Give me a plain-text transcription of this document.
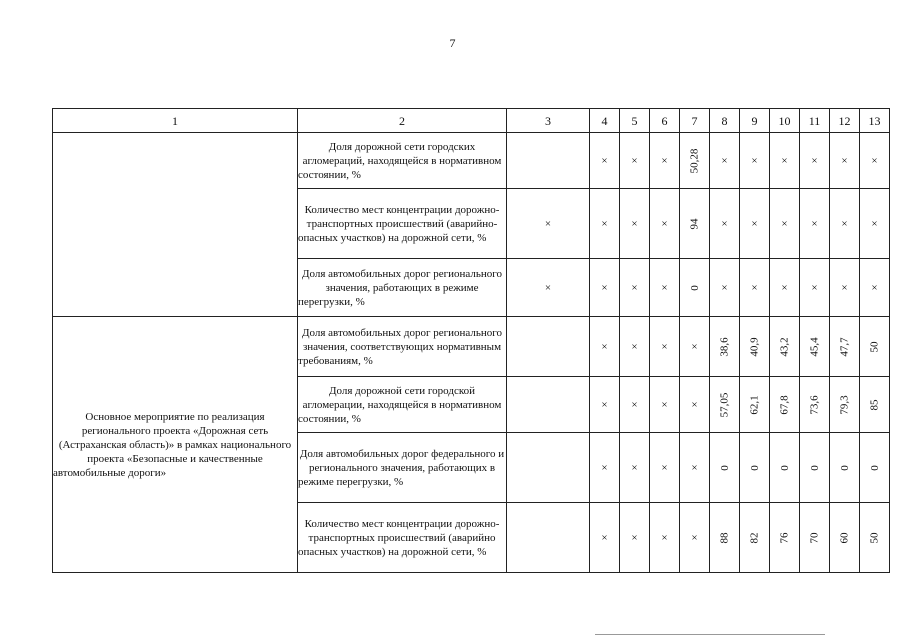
7
1	2	3	4	5	6	7	8	9	10	11	12	13
	Доля дорожной сети городских агломераций, находящейся в нормативном состоянии, %		×	×	×	50,28	×	×	×	×	×	×
	Количество мест концентрации дорожно-транспортных происшествий (аварийно-опасных участков) на дорожной сети, %	×	×	×	×	94	×	×	×	×	×	×
	Доля автомобильных дорог регионального значения, работающих в режиме перегрузки, %	×	×	×	×	0	×	×	×	×	×	×
Основное мероприятие по реализация регионального проекта «Дорожная сеть (Астраханская область)» в рамках национального проекта «Безопасные и качественные автомобильные дороги»	Доля автомобильных дорог регионального значения, соответствующих нормативным требованиям, %		×	×	×	×	38,6	40,9	43,2	45,4	47,7	50
	Доля дорожной сети городской агломерации, находящейся в нормативном состоянии, %		×	×	×	×	57,05	62,1	67,8	73,6	79,3	85
	Доля автомобильных дорог федерального и регионального значения, работающих в режиме перегрузки, %		×	×	×	×	0	0	0	0	0	0
	Количество мест концентрации дорожно-транспортных происшествий (аварийно опасных участков) на дорожной сети, %		×	×	×	×	88	82	76	70	60	50
